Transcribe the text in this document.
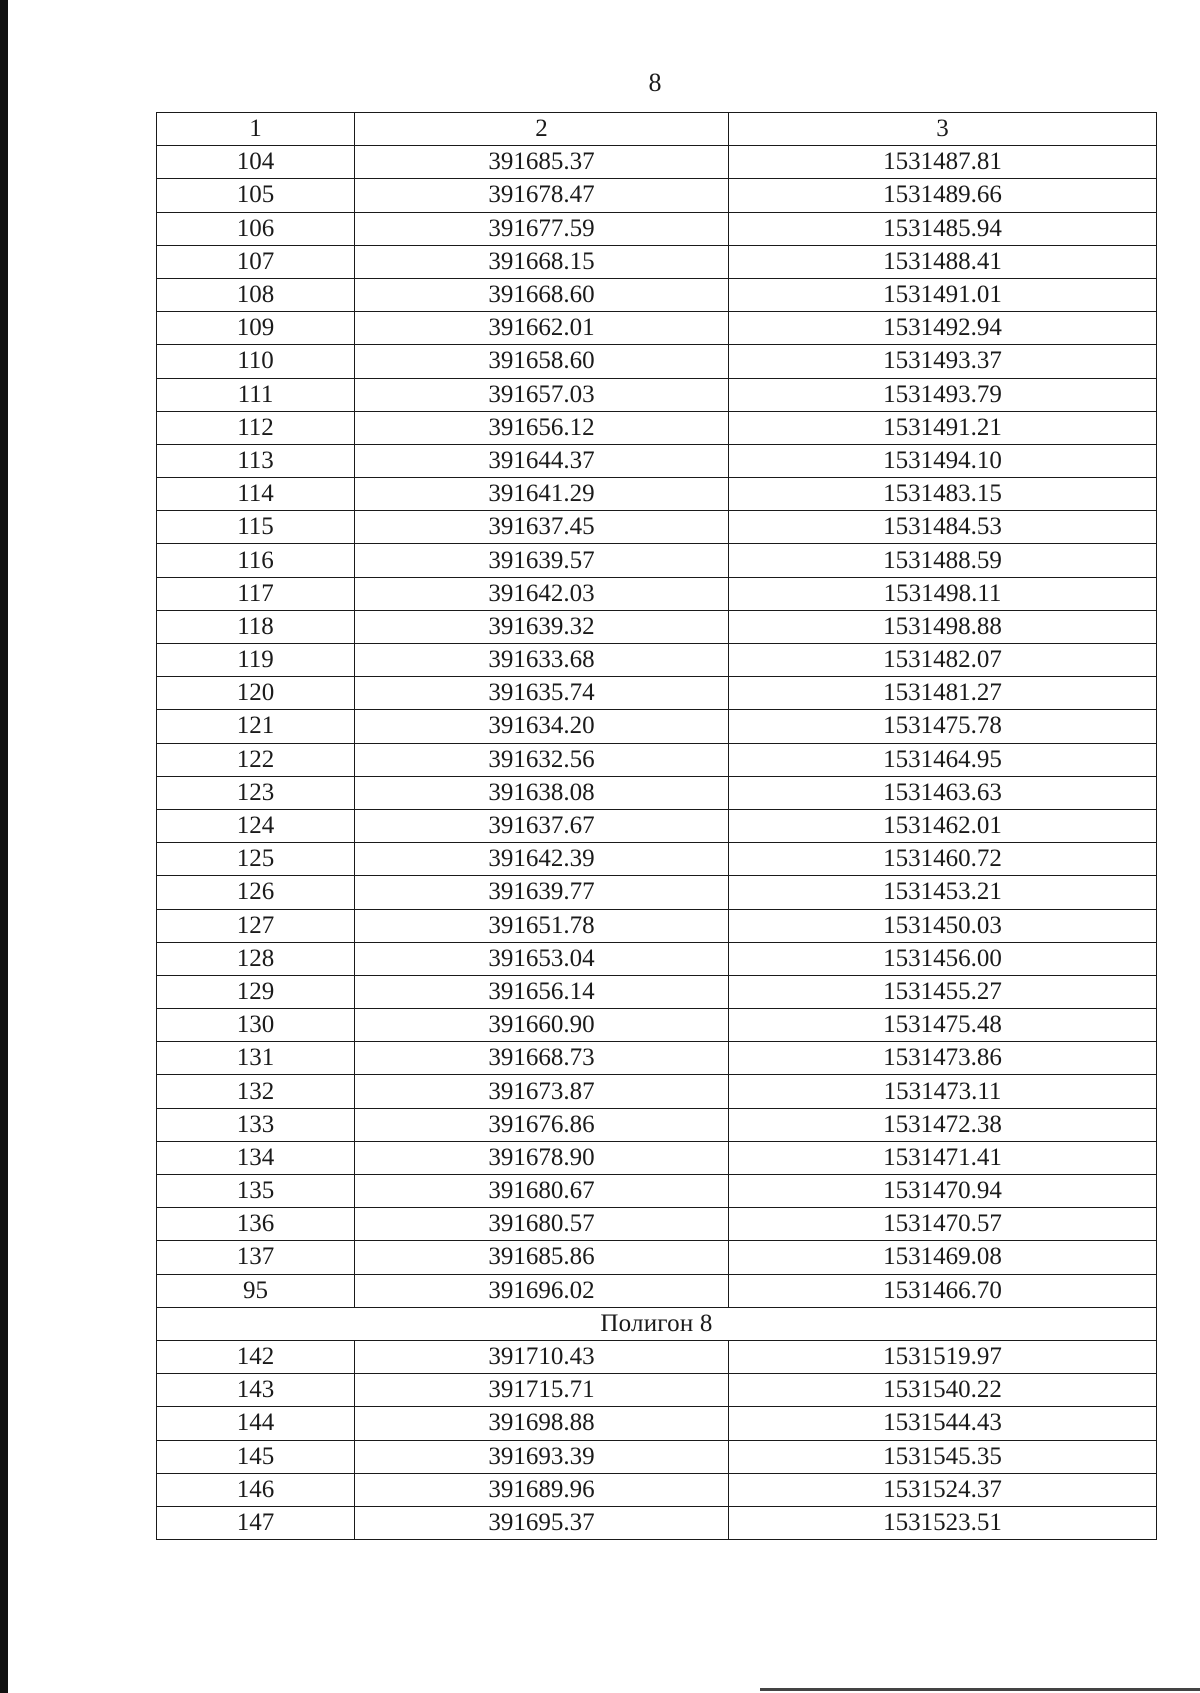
8
1	2	3
104	391685.37	1531487.81
105	391678.47	1531489.66
106	391677.59	1531485.94
107	391668.15	1531488.41
108	391668.60	1531491.01
109	391662.01	1531492.94
110	391658.60	1531493.37
111	391657.03	1531493.79
112	391656.12	1531491.21
113	391644.37	1531494.10
114	391641.29	1531483.15
115	391637.45	1531484.53
116	391639.57	1531488.59
117	391642.03	1531498.11
118	391639.32	1531498.88
119	391633.68	1531482.07
120	391635.74	1531481.27
121	391634.20	1531475.78
122	391632.56	1531464.95
123	391638.08	1531463.63
124	391637.67	1531462.01
125	391642.39	1531460.72
126	391639.77	1531453.21
127	391651.78	1531450.03
128	391653.04	1531456.00
129	391656.14	1531455.27
130	391660.90	1531475.48
131	391668.73	1531473.86
132	391673.87	1531473.11
133	391676.86	1531472.38
134	391678.90	1531471.41
135	391680.67	1531470.94
136	391680.57	1531470.57
137	391685.86	1531469.08
95	391696.02	1531466.70
Полигон 8		
142	391710.43	1531519.97
143	391715.71	1531540.22
144	391698.88	1531544.43
145	391693.39	1531545.35
146	391689.96	1531524.37
147	391695.37	1531523.51
